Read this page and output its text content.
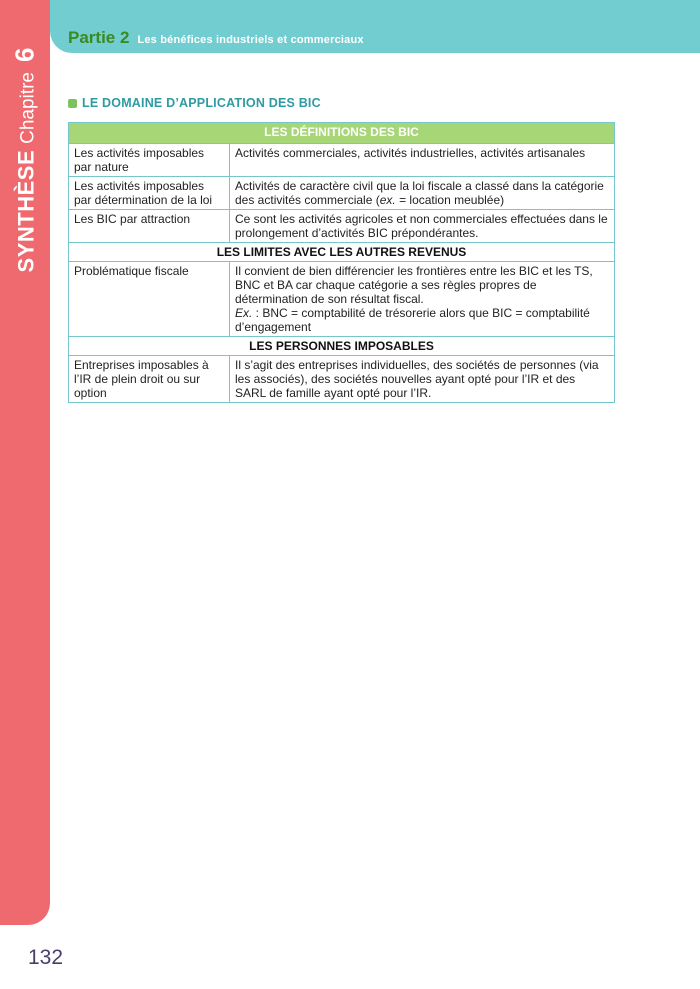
SYNTHÈSE
Chapitre
6
Partie 2 Les bénéfices industriels et commerciaux
LE DOMAINE D’APPLICATION DES BIC
LES DÉFINITIONS DES BIC	
Les activités imposables par nature	Activités commerciales, activités industrielles, activités artisanales
Les activités imposables par détermination de la loi	Activités de caractère civil que la loi fiscale a classé dans la catégorie des activités commerciale (ex. = location meublée)
Les BIC par attraction	Ce sont les activités agricoles et non commerciales effectuées dans le prolongement d’activités BIC prépondérantes.
LES LIMITES AVEC LES AUTRES REVENUS	
Problématique fiscale	Il convient de bien différencier les frontières entre les BIC et les TS, BNC et BA car chaque catégorie a ses règles propres de détermination de son résultat fiscal.
Ex. : BNC = comptabilité de trésorerie alors que BIC = comptabilité d’engagement
LES PERSONNES IMPOSABLES	
Entreprises imposables à l’IR de plein droit ou sur option	Il s’agit des entreprises individuelles, des sociétés de personnes (via les associés), des sociétés nouvelles ayant opté pour l’IR et des SARL de famille ayant opté pour l’IR.
132
